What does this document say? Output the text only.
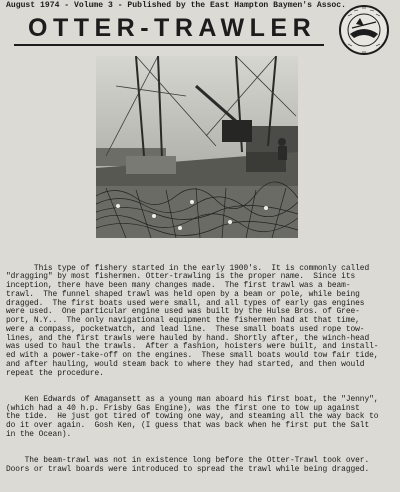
August 1974 - Volume 3 - Published by the East Hampton Baymen's Assoc.
OTTER-TRAWLER

This type of fishery started in the early 1900's.  It is commonly called
"dragging" by most fishermen. Otter-trawling is the proper name.  Since its
inception, there have been many changes made.  The first trawl was a beam-
trawl.  The funnel shaped trawl was held open by a beam or pole, while being
dragged.  The first boats used were small, and all types of early gas engines
were used.  One particular engine used was built by the Hulse Bros. of Gree-
port, N.Y..  The only navigational equipment the fishermen had at that time,
were a compass, pocketwatch, and lead line.  These small boats used rope tow-
lines, and the first trawls were hauled by hand. Shortly after, the winch-head
was used to haul the trawls.  After a fashion, hoisters were built, and install-
ed with a power-take-off on the engines.  These small boats would tow fair tide,
and after hauling, would steam back to where they had started, and then would
repeat the procedure.

Ken Edwards of Amagansett as a young man aboard his first boat, the "Jenny",
(which had a 40 h.p. Frisby Gas Engine), was the first one to tow up against
the tide.  He just got tired of towing one way, and steaming all the way back to
do it over again.  Gosh Ken, (I guess that was back when he first put the Salt
in the Ocean).

The beam-trawl was not in existence long before the Otter-Trawl took over.
Doors or trawl boards were introduced to spread the trawl while being dragged.
